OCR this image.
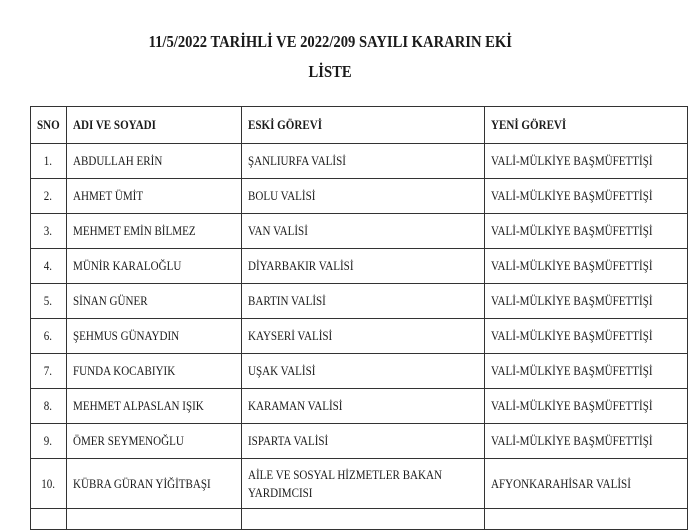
11/5/2022 TARİHLİ VE 2022/209 SAYILI KARARIN EKİ
LİSTE
SNO	ADI VE SOYADI	ESKİ GÖREVİ	YENİ GÖREVİ
1.	ABDULLAH ERİN	ŞANLIURFA VALİSİ	VALİ-MÜLKİYE BAŞMÜFETTİŞİ
2.	AHMET ÜMİT	BOLU VALİSİ	VALİ-MÜLKİYE BAŞMÜFETTİŞİ
3.	MEHMET EMİN BİLMEZ	VAN VALİSİ	VALİ-MÜLKİYE BAŞMÜFETTİŞİ
4.	MÜNİR KARALOĞLU	DİYARBAKIR VALİSİ	VALİ-MÜLKİYE BAŞMÜFETTİŞİ
5.	SİNAN GÜNER	BARTIN VALİSİ	VALİ-MÜLKİYE BAŞMÜFETTİŞİ
6.	ŞEHMUS GÜNAYDIN	KAYSERİ VALİSİ	VALİ-MÜLKİYE BAŞMÜFETTİŞİ
7.	FUNDA KOCABIYIK	UŞAK VALİSİ	VALİ-MÜLKİYE BAŞMÜFETTİŞİ
8.	MEHMET ALPASLAN IŞIK	KARAMAN VALİSİ	VALİ-MÜLKİYE BAŞMÜFETTİŞİ
9.	ÖMER SEYMENOĞLU	ISPARTA VALİSİ	VALİ-MÜLKİYE BAŞMÜFETTİŞİ
10.	KÜBRA GÜRAN YİĞİTBAŞI	AİLE VE SOSYAL HİZMETLER BAKAN YARDIMCISI	AFYONKARAHİSAR VALİSİ
